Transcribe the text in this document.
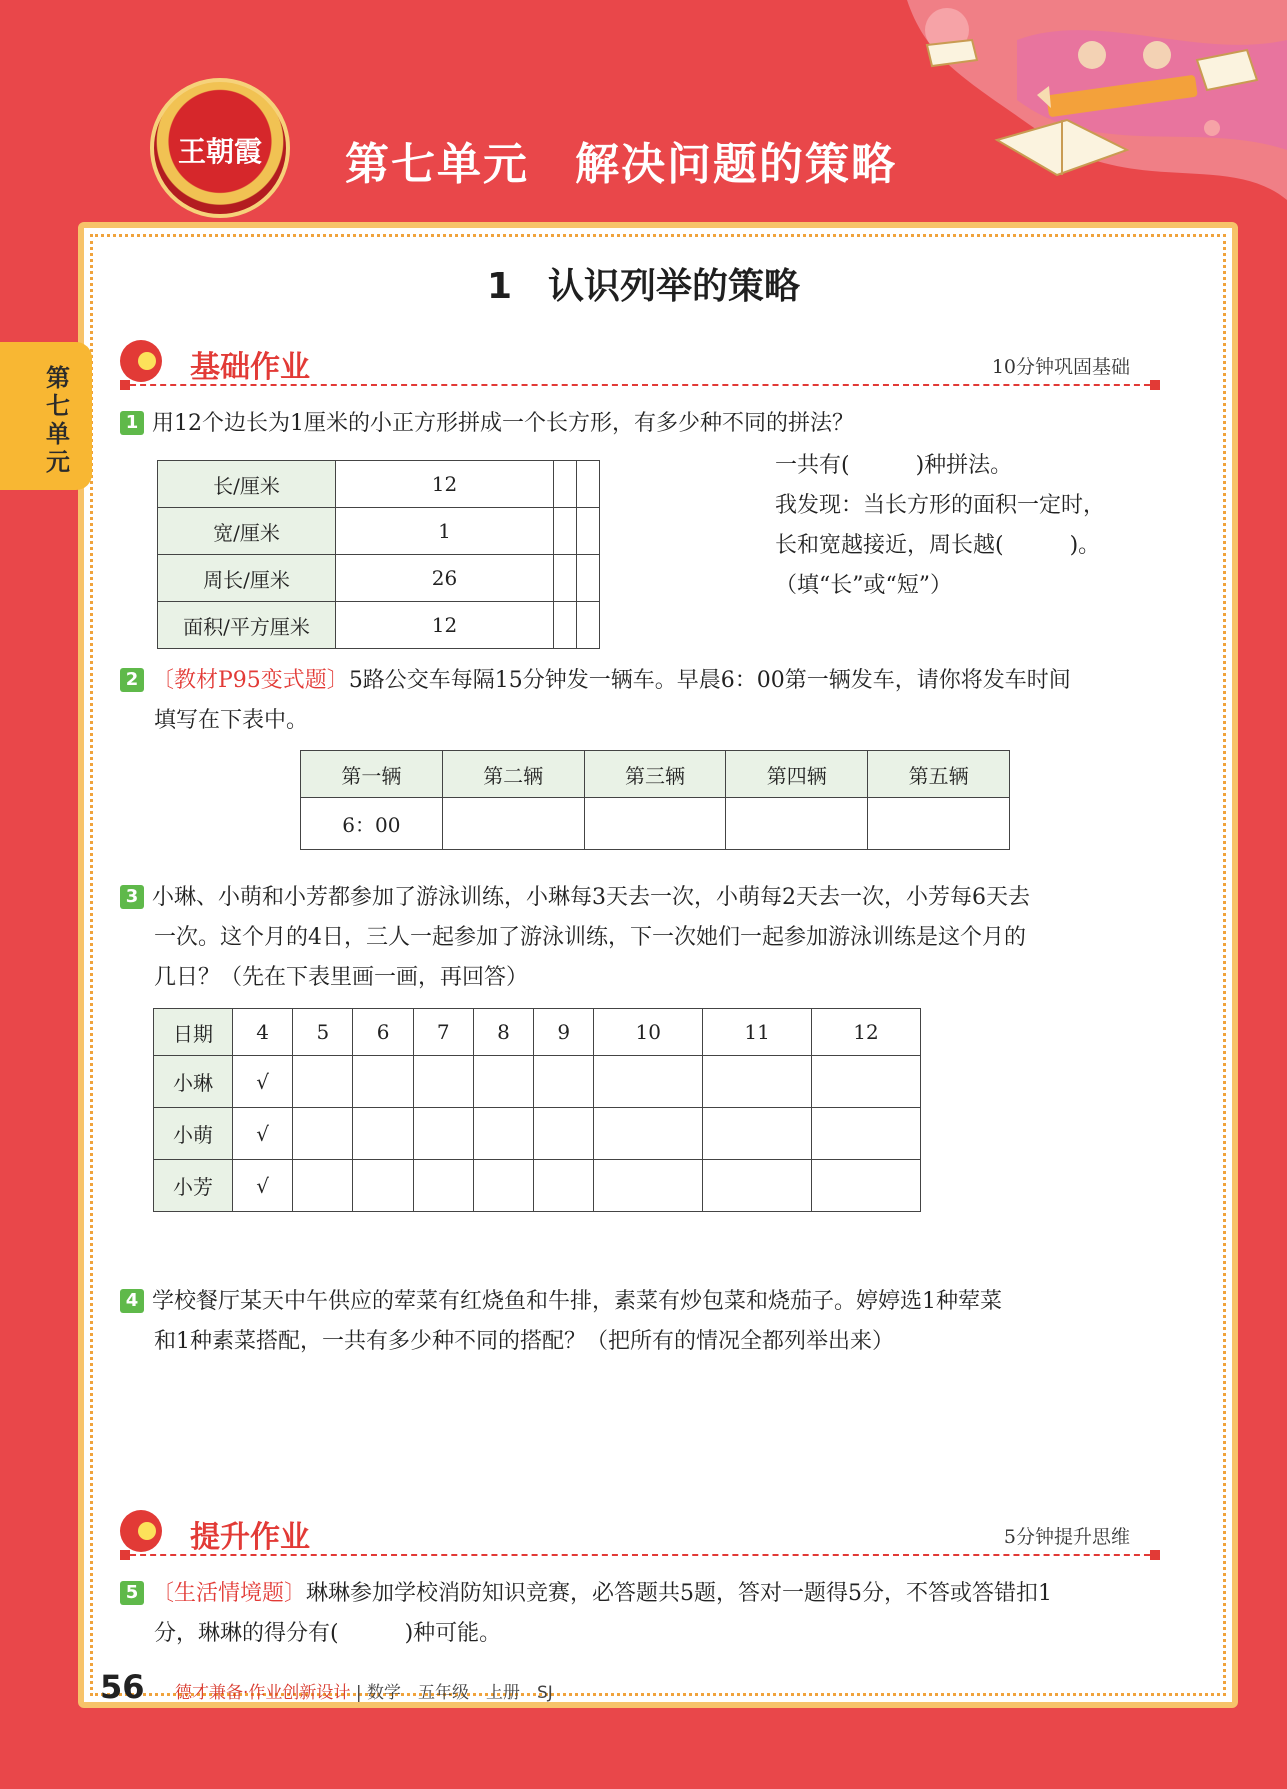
王朝霞	第七单元　解决问题的策略
第七单元
1　认识列举的策略
基础作业	10分钟巩固基础
1 用12个边长为1厘米的小正方形拼成一个长方形，有多少种不同的拼法？
长/厘米	12		
宽/厘米	1		
周长/厘米	26		
面积/平方厘米	12		
一共有(　　　)种拼法。
我发现：当长方形的面积一定时，
长和宽越接近，周长越(　　　)。
（填“长”或“短”）
2 〔教材P95变式题〕5路公交车每隔15分钟发一辆车。早晨6：00第一辆发车，请你将发车时间
填写在下表中。
第一辆	第二辆	第三辆	第四辆	第五辆
6：00				
3 小琳、小萌和小芳都参加了游泳训练，小琳每3天去一次，小萌每2天去一次，小芳每6天去
一次。这个月的4日，三人一起参加了游泳训练，下一次她们一起参加游泳训练是这个月的
几日？（先在下表里画一画，再回答）
日期	4	5	6	7	8	9	10	11	12
小琳	√								
小萌	√								
小芳	√								
4 学校餐厅某天中午供应的荤菜有红烧鱼和牛排，素菜有炒包菜和烧茄子。婷婷选1种荤菜
和1种素菜搭配，一共有多少种不同的搭配？（把所有的情况全都列举出来）
提升作业	5分钟提升思维
5 〔生活情境题〕琳琳参加学校消防知识竞赛，必答题共5题，答对一题得5分，不答或答错扣1
分，琳琳的得分有(　　　)种可能。
56 德才兼备·作业创新设计 | 数学　五年级　上册　SJ
